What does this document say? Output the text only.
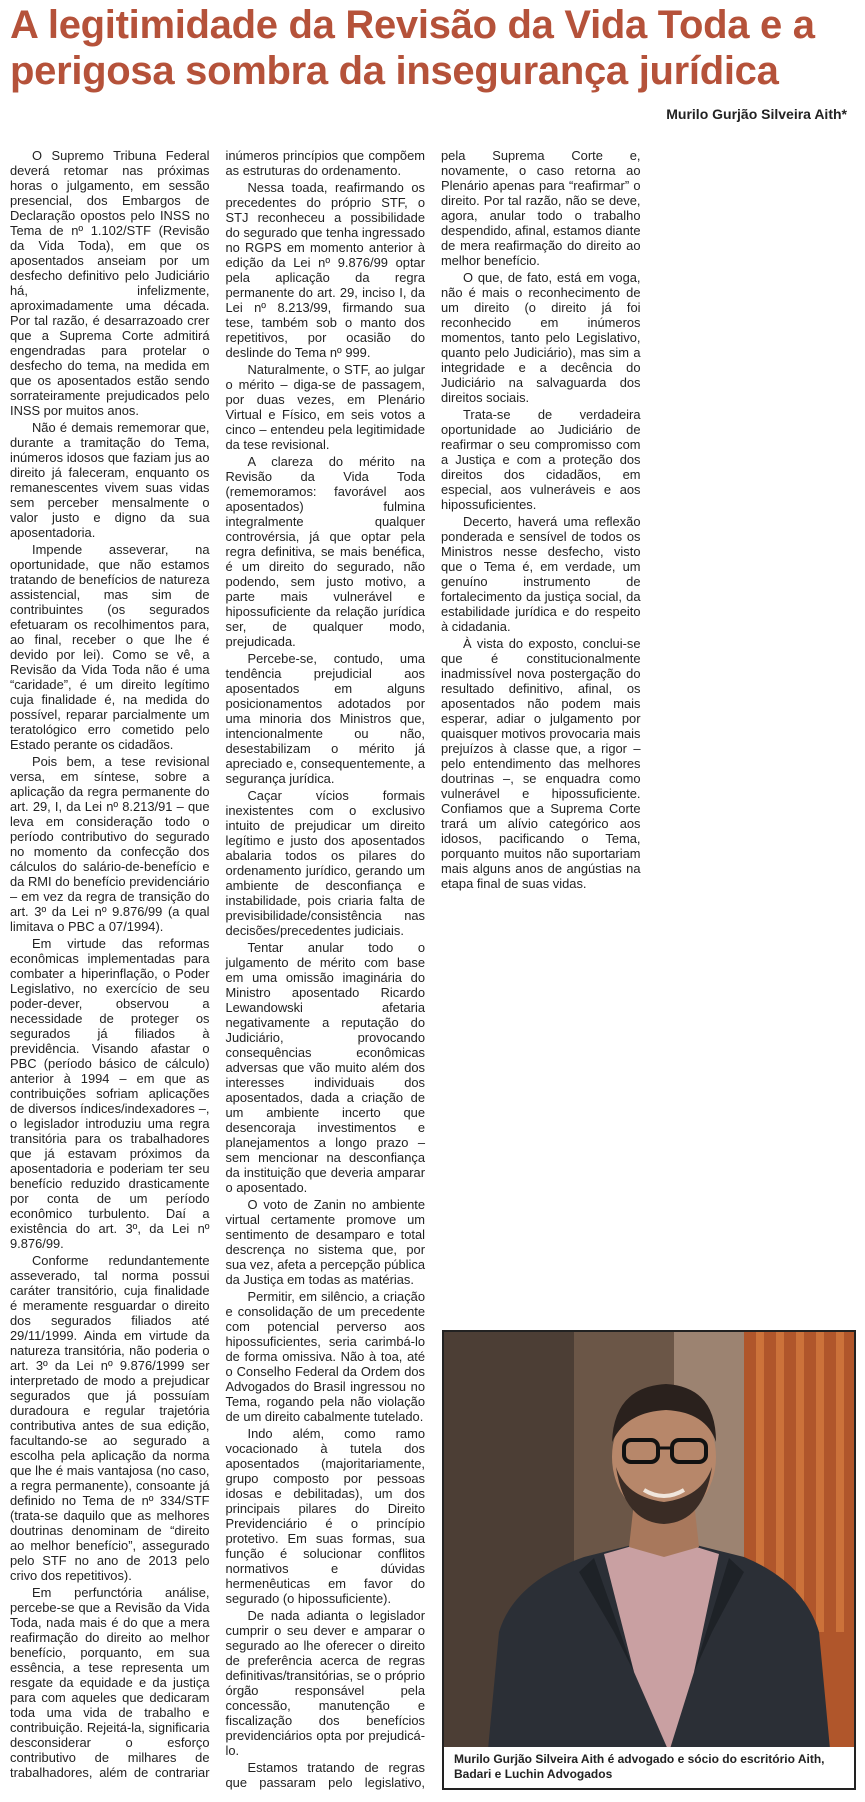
A legitimidade da Revisão da Vida Toda e a perigosa sombra da insegurança jurídica
Murilo Gurjão Silveira Aith*

O Supremo Tribuna Federal deverá retomar nas próximas horas o julgamento, em sessão presencial, dos Embargos de Declaração opostos pelo INSS no Tema de nº 1.102/STF (Revisão da Vida Toda), em que os aposentados anseiam por um desfecho definitivo pelo Judiciário há, infelizmente, aproximadamente uma década. Por tal razão, é desarrazoado crer que a Suprema Corte admitirá engendradas para protelar o desfecho do tema, na medida em que os aposentados estão sendo sorrateiramente prejudicados pelo INSS por muitos anos.

Não é demais rememorar que, durante a tramitação do Tema, inúmeros idosos que faziam jus ao direito já faleceram, enquanto os remanescentes vivem suas vidas sem perceber mensalmente o valor justo e digno da sua aposentadoria.

Impende asseverar, na oportunidade, que não estamos tratando de benefícios de natureza assistencial, mas sim de contribuintes (os segurados efetuaram os recolhimentos para, ao final, receber o que lhe é devido por lei). Como se vê, a Revisão da Vida Toda não é uma “caridade”, é um direito legítimo cuja finalidade é, na medida do possível, reparar parcialmente um teratológico erro cometido pelo Estado perante os cidadãos.

Pois bem, a tese revisional versa, em síntese, sobre a aplicação da regra permanente do art. 29, I, da Lei nº 8.213/91 – que leva em consideração todo o período contributivo do segurado no momento da confecção dos cálculos do salário-de-benefício e da RMI do benefício previdenciário – em vez da regra de transição do art. 3º da Lei nº 9.876/99 (a qual limitava o PBC a 07/1994).

Em virtude das reformas econômicas implementadas para combater a hiperinflação, o Poder Legislativo, no exercício de seu poder-dever, observou a necessidade de proteger os segurados já filiados à previdência. Visando afastar o PBC (período básico de cálculo) anterior à 1994 – em que as contribuições sofriam aplicações de diversos índices/indexadores –, o legislador introduziu uma regra transitória para os trabalhadores que já estavam próximos da aposentadoria e poderiam ter seu benefício reduzido drasticamente por conta de um período econômico turbulento. Daí a existência do art. 3º, da Lei nº 9.876/99.

Conforme redundantemente asseverado, tal norma possui caráter transitório, cuja finalidade é meramente resguardar o direito dos segurados filiados até 29/11/1999. Ainda em virtude da natureza transitória, não poderia o art. 3º da Lei nº 9.876/1999 ser interpretado de modo a prejudicar segurados que já possuíam duradoura e regular trajetória contributiva antes de sua edição, facultando-se ao segurado a escolha pela aplicação da norma que lhe é mais vantajosa (no caso, a regra permanente), consoante já definido no Tema de nº 334/STF (trata-se daquilo que as melhores doutrinas denominam de “direito ao melhor benefício”, assegurado pelo STF no ano de 2013 pelo crivo dos repetitivos).

Em perfunctória análise, percebe-se que a Revisão da Vida Toda, nada mais é do que a mera reafirmação do direito ao melhor benefício, porquanto, em sua essência, a tese representa um resgate da equidade e da justiça para com aqueles que dedicaram toda uma vida de trabalho e contribuição. Rejeitá-la, significaria desconsiderar o esforço contributivo de milhares de trabalhadores, além de contrariar inúmeros princípios que compõem as estruturas do ordenamento.

Nessa toada, reafirmando os precedentes do próprio STF, o STJ reconheceu a possibilidade do segurado que tenha ingressado no RGPS em momento anterior à edição da Lei nº 9.876/99 optar pela aplicação da regra permanente do art. 29, inciso I, da Lei nº 8.213/99, firmando sua tese, também sob o manto dos repetitivos, por ocasião do deslinde do Tema nº 999.

Naturalmente, o STF, ao julgar o mérito – diga-se de passagem, por duas vezes, em Plenário Virtual e Físico, em seis votos a cinco – entendeu pela legitimidade da tese revisional.

A clareza do mérito na Revisão da Vida Toda (rememoramos: favorável aos aposentados) fulmina integralmente qualquer controvérsia, já que optar pela regra definitiva, se mais benéfica, é um direito do segurado, não podendo, sem justo motivo, a parte mais vulnerável e hipossuficiente da relação jurídica ser, de qualquer modo, prejudicada.

Percebe-se, contudo, uma tendência prejudicial aos aposentados em alguns posicionamentos adotados por uma minoria dos Ministros que, intencionalmente ou não, desestabilizam o mérito já apreciado e, consequentemente, a segurança jurídica.

Caçar vícios formais inexistentes com o exclusivo intuito de prejudicar um direito legítimo e justo dos aposentados abalaria todos os pilares do ordenamento jurídico, gerando um ambiente de desconfiança e instabilidade, pois criaria falta de previsibilidade/consistência nas decisões/precedentes judiciais.

Tentar anular todo o julgamento de mérito com base em uma omissão imaginária do Ministro aposentado Ricardo Lewandowski afetaria negativamente a reputação do Judiciário, provocando consequências econômicas adversas que vão muito além dos interesses individuais dos aposentados, dada a criação de um ambiente incerto que desencoraja investimentos e planejamentos a longo prazo – sem mencionar na desconfiança da instituição que deveria amparar o aposentado.

O voto de Zanin no ambiente virtual certamente promove um sentimento de desamparo e total descrença no sistema que, por sua vez, afeta a percepção pública da Justiça em todas as matérias.

Permitir, em silêncio, a criação e consolidação de um precedente com potencial perverso aos hipossuficientes, seria carimbá-lo de forma omissiva. Não à toa, até o Conselho Federal da Ordem dos Advogados do Brasil ingressou no Tema, rogando pela não violação de um direito cabalmente tutelado.

Indo além, como ramo vocacionado à tutela dos aposentados (majoritariamente, grupo composto por pessoas idosas e debilitadas), um dos principais pilares do Direito Previdenciário é o princípio protetivo. Em suas formas, sua função é solucionar conflitos normativos e dúvidas hermenêuticas em favor do segurado (o hipossuficiente).

De nada adianta o legislador cumprir o seu dever e amparar o segurado ao lhe oferecer o direito de preferência acerca de regras definitivas/transitórias, se o próprio órgão responsável pela concessão, manutenção e fiscalização dos benefícios previdenciários opta por prejudicá-lo.

Estamos tratando de regras que passaram pelo legislativo, pela Suprema Corte e, novamente, o caso retorna ao Plenário apenas para “reafirmar” o direito. Por tal razão, não se deve, agora, anular todo o trabalho despendido, afinal, estamos diante de mera reafirmação do direito ao melhor benefício.

O que, de fato, está em voga, não é mais o reconhecimento de um direito (o direito já foi reconhecido em inúmeros momentos, tanto pelo Legislativo, quanto pelo Judiciário), mas sim a integridade e a decência do Judiciário na salvaguarda dos direitos sociais.

Trata-se de verdadeira oportunidade ao Judiciário de reafirmar o seu compromisso com a Justiça e com a proteção dos direitos dos cidadãos, em especial, aos vulneráveis e aos hipossuficientes.

Decerto, haverá uma reflexão ponderada e sensível de todos os Ministros nesse desfecho, visto que o Tema é, em verdade, um genuíno instrumento de fortalecimento da justiça social, da estabilidade jurídica e do respeito à cidadania.

À vista do exposto, conclui-se que é constitucionalmente inadmissível nova postergação do resultado definitivo, afinal, os aposentados não podem mais esperar, adiar o julgamento por quaisquer motivos provocaria mais prejuízos à classe que, a rigor – pelo entendimento das melhores doutrinas –, se enquadra como vulnerável e hipossuficiente. Confiamos que a Suprema Corte trará um alívio categórico aos idosos, pacificando o Tema, porquanto muitos não suportariam mais alguns anos de angústias na etapa final de suas vidas.

Murilo Gurjão Silveira Aith é advogado e sócio do escritório Aith, Badari e Luchin Advogados
